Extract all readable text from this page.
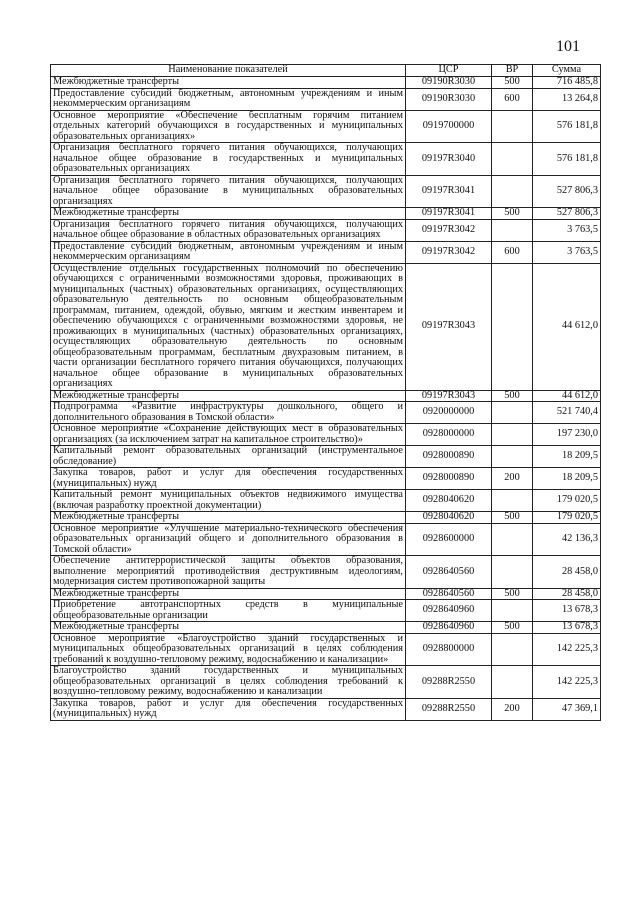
101
Наименование показателей	ЦСР	ВР	Сумма
Межбюджетные трансферты	09190R3030	500	716 485,8
Предоставление субсидий бюджетным, автономным учреждениям и иным некоммерческим организациям	09190R3030	600	13 264,8
Основное мероприятие «Обеспечение бесплатным горячим питанием отдельных категорий обучающихся в государственных и муниципальных образовательных организациях»	0919700000		576 181,8
Организация бесплатного горячего питания обучающихся, получающих начальное общее образование в государственных и муниципальных образовательных организациях	09197R3040		576 181,8
Организация бесплатного горячего питания обучающихся, получающих начальное общее образование в муниципальных образовательных организациях	09197R3041		527 806,3
Межбюджетные трансферты	09197R3041	500	527 806,3
Организация бесплатного горячего питания обучающихся, получающих начальное общее образование в областных образовательных организациях	09197R3042		3 763,5
Предоставление субсидий бюджетным, автономным учреждениям и иным некоммерческим организациям	09197R3042	600	3 763,5
Осуществление отдельных государственных полномочий по обеспечению обучающихся с ограниченными возможностями здоровья, проживающих в муниципальных (частных) образовательных организациях, осуществляющих образовательную деятельность по основным общеобразовательным программам, питанием, одеждой, обувью, мягким и жестким инвентарем и обеспечению обучающихся с ограниченными возможностями здоровья, не проживающих в муниципальных (частных) образовательных организациях, осуществляющих образовательную деятельность по основным общеобразовательным программам, бесплатным двухразовым питанием, в части организации бесплатного горячего питания обучающихся, получающих начальное общее образование в муниципальных образовательных организациях	09197R3043		44 612,0
Межбюджетные трансферты	09197R3043	500	44 612,0
Подпрограмма «Развитие инфраструктуры дошкольного, общего и дополнительного образования в Томской области»	0920000000		521 740,4
Основное мероприятие «Сохранение действующих мест в образовательных организациях (за исключением затрат на капитальное строительство)»	0928000000		197 230,0
Капитальный ремонт образовательных организаций (инструментальное обследование)	0928000890		18 209,5
Закупка товаров, работ и услуг для обеспечения государственных (муниципальных) нужд	0928000890	200	18 209,5
Капитальный ремонт муниципальных объектов недвижимого имущества (включая разработку проектной документации)	0928040620		179 020,5
Межбюджетные трансферты	0928040620	500	179 020,5
Основное мероприятие «Улучшение материально-технического обеспечения образовательных организаций общего и дополнительного образования в Томской области»	0928600000		42 136,3
Обеспечение антитеррористической защиты объектов образования, выполнение мероприятий противодействия деструктивным идеологиям, модернизация систем противопожарной защиты	0928640560		28 458,0
Межбюджетные трансферты	0928640560	500	28 458,0
Приобретение автотранспортных средств в муниципальные общеобразовательные организации	0928640960		13 678,3
Межбюджетные трансферты	0928640960	500	13 678,3
Основное мероприятие «Благоустройство зданий государственных и муниципальных общеобразовательных организаций в целях соблюдения требований к воздушно-тепловому режиму, водоснабжению и канализации»	0928800000		142 225,3
Благоустройство зданий государственных и муниципальных общеобразовательных организаций в целях соблюдения требований к воздушно-тепловому режиму, водоснабжению и канализации	09288R2550		142 225,3
Закупка товаров, работ и услуг для обеспечения государственных (муниципальных) нужд	09288R2550	200	47 369,1
